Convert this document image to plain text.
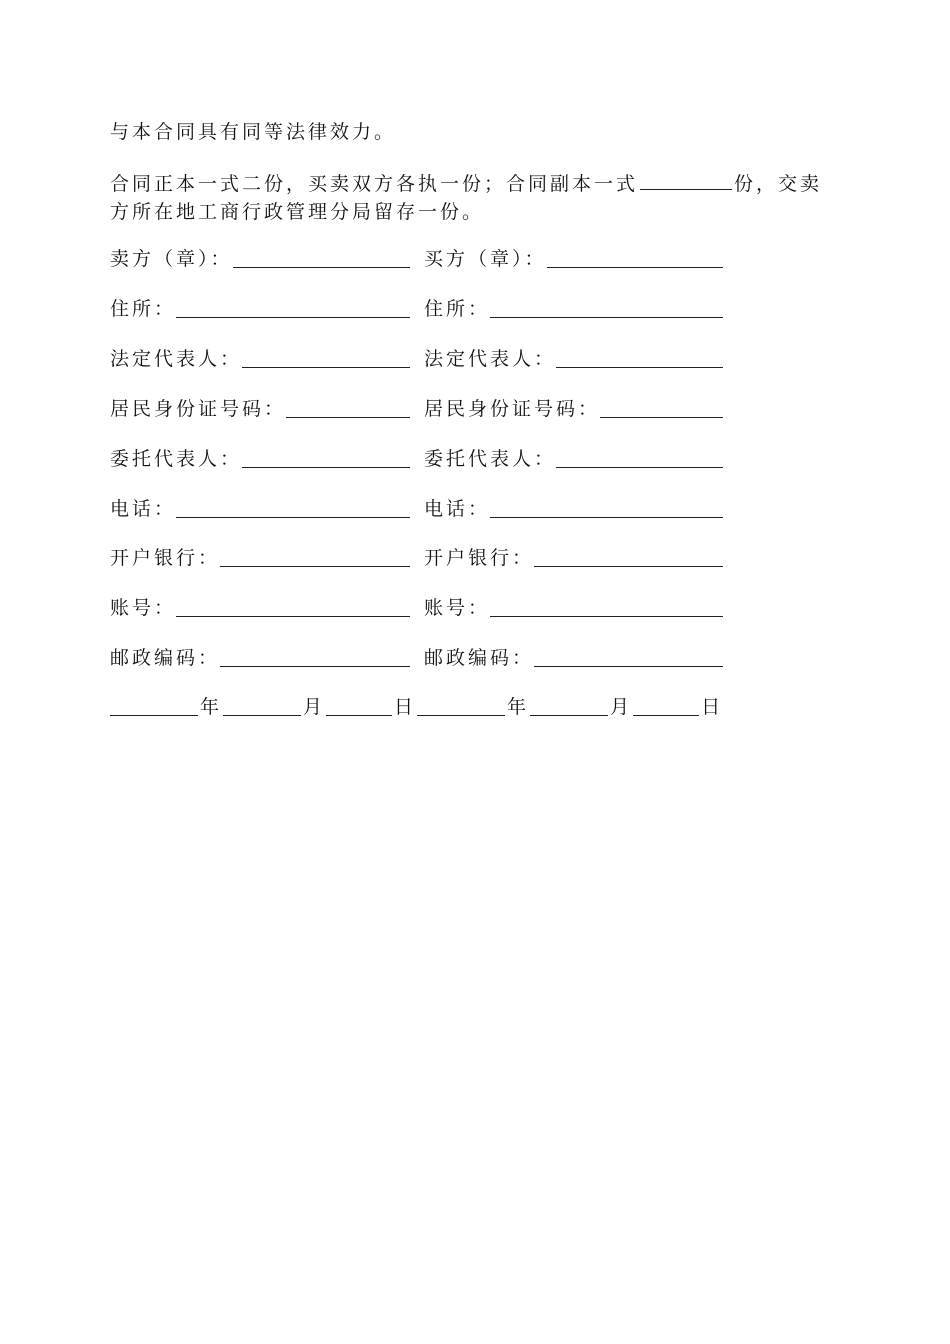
与本合同具有同等法律效力。
合同正本一式二份，买卖双方各执一份；合同副本一式	份，交卖
方所在地工商行政管理分局留存一份。
卖方（章）：	买方（章）：
住所：	住所：
法定代表人：	法定代表人：
居民身份证号码：	居民身份证号码：
委托代表人：	委托代表人：
电话：	电话：
开户银行：	开户银行：
账号：	账号：
邮政编码：	邮政编码：
年	月	日	年	月	日
